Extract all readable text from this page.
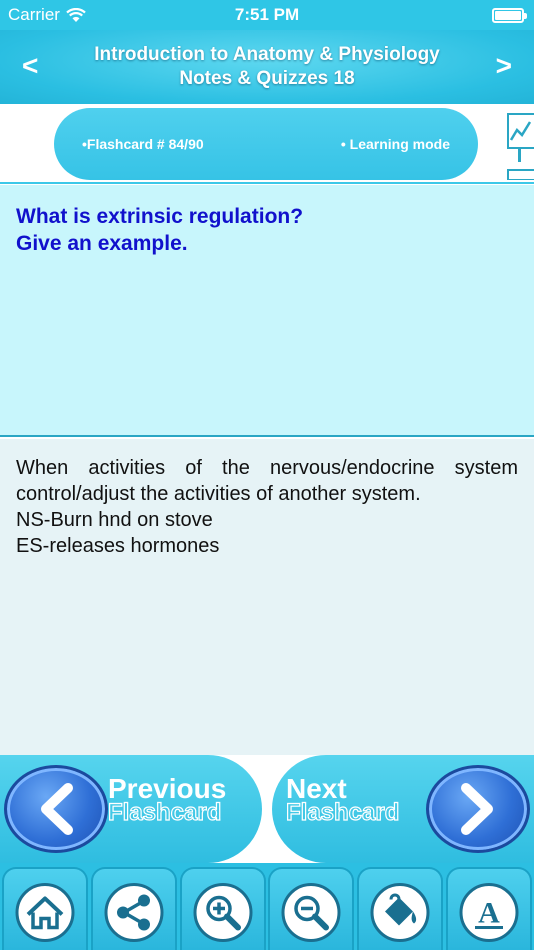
Carrier	7:51 PM
<	Introduction to Anatomy & Physiology
Notes & Quizzes 18	>
•Flashcard # 84/90	• Learning mode
What is extrinsic regulation?
Give an example.
When activities of the nervous/endocrine system control/adjust the activities of another system.
NS-Burn hnd on stove
ES-releases hormones
Previous
Flashcard
Next
Flashcard
A
